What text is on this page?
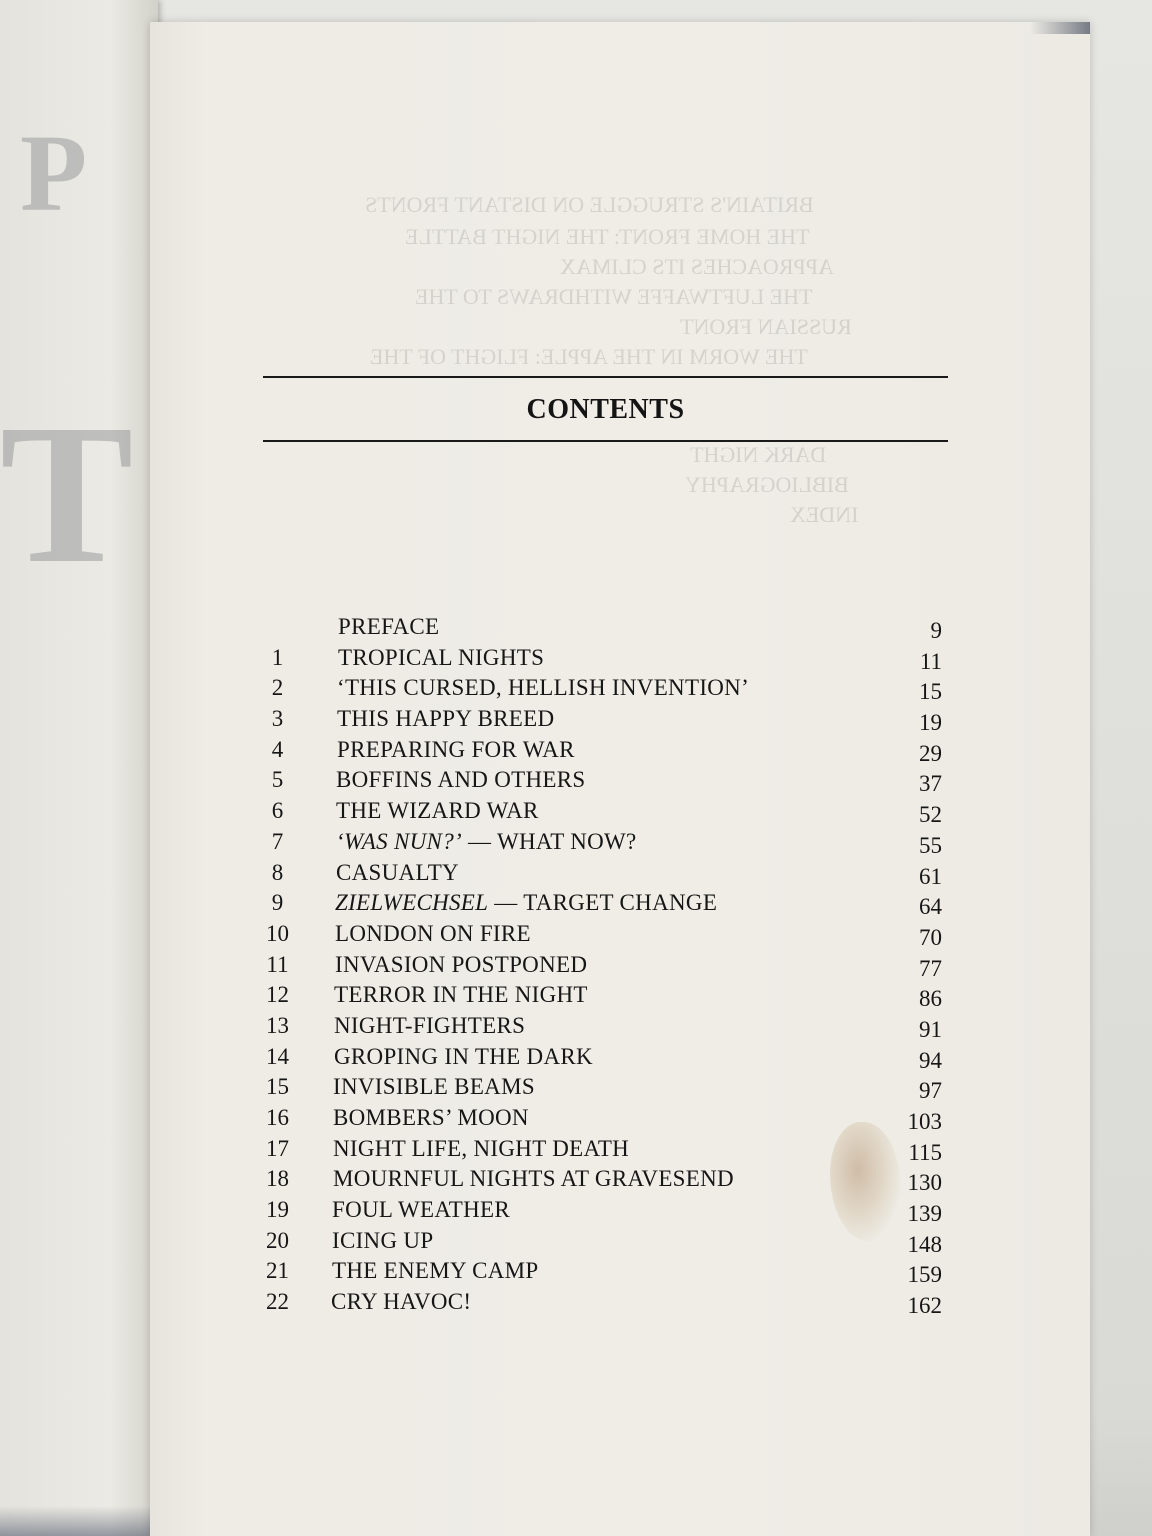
P
T
BRITAIN'S STRUGGLE ON DISTANT FRONTS
THE HOME FRONT: THE NIGHT BATTLE
APPROACHES ITS CLIMAX
THE LUFTWAFFE WITHDRAWS TO THE
RUSSIAN FRONT
THE WORM IN THE APPLE: FLIGHT OF THE
DARK NIGHT
BIBLIOGRAPHY
INDEX
CONTENTS
PREFACE	9
1	TROPICAL NIGHTS	11
2	‘THIS CURSED, HELLISH INVENTION’	15
3	THIS HAPPY BREED	19
4	PREPARING FOR WAR	29
5	BOFFINS AND OTHERS	37
6	THE WIZARD WAR	52
7	‘WAS NUN?’ — WHAT NOW?	55
8	CASUALTY	61
9	ZIELWECHSEL — TARGET CHANGE	64
10	LONDON ON FIRE	70
11	INVASION POSTPONED	77
12	TERROR IN THE NIGHT	86
13	NIGHT-FIGHTERS	91
14	GROPING IN THE DARK	94
15	INVISIBLE BEAMS	97
16	BOMBERS’ MOON	103
17	NIGHT LIFE, NIGHT DEATH	115
18	MOURNFUL NIGHTS AT GRAVESEND	130
19	FOUL WEATHER	139
20	ICING UP	148
21	THE ENEMY CAMP	159
22	CRY HAVOC!	162
